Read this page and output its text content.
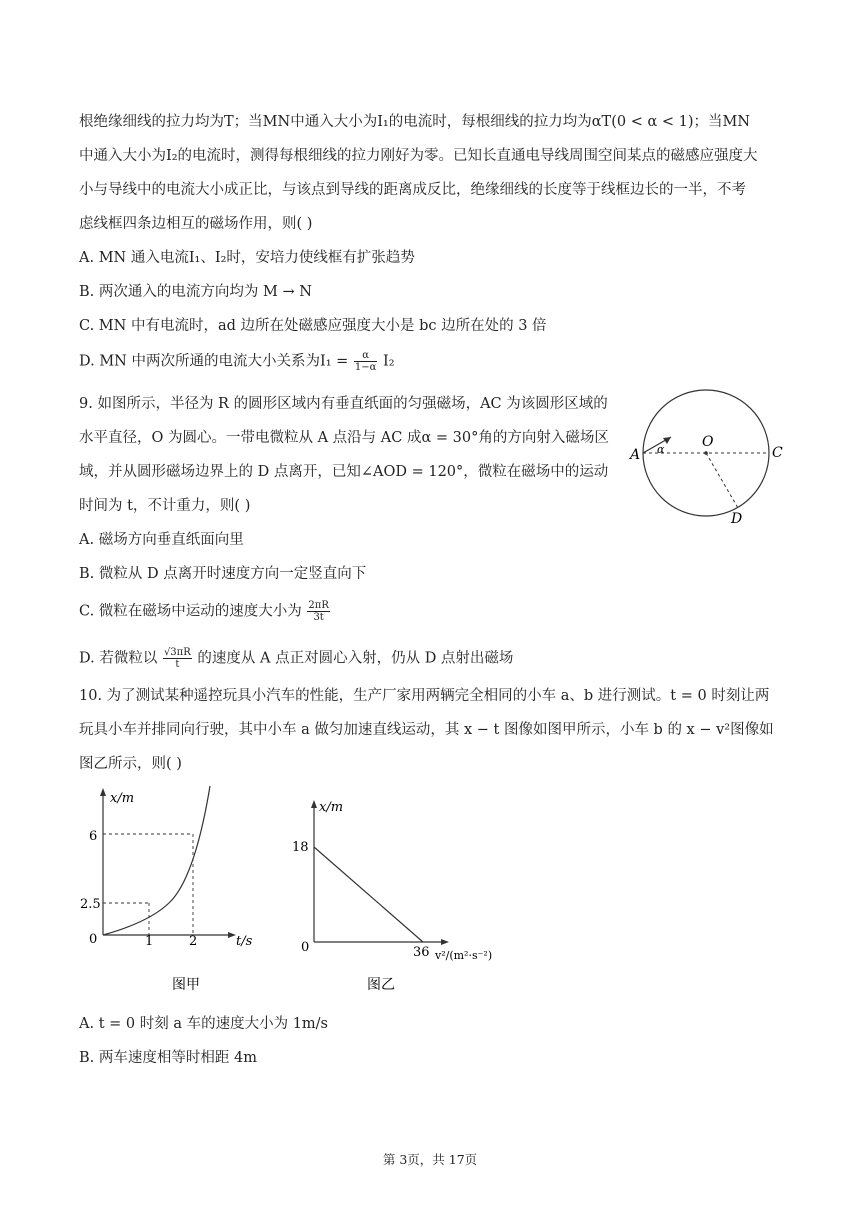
根绝缘细线的拉力均为T；当MN中通入大小为I₁的电流时，每根细线的拉力均为αT(0 < α < 1)；当MN
中通入大小为I₂的电流时，测得每根细线的拉力刚好为零。已知长直通电导线周围空间某点的磁感应强度大
小与导线中的电流大小成正比，与该点到导线的距离成反比，绝缘细线的长度等于线框边长的一半，不考
虑线框四条边相互的磁场作用，则( )
A. MN 通入电流I₁、I₂时，安培力使线框有扩张趋势
B. 两次通入的电流方向均为 M → N
C. MN 中有电流时，ad 边所在处磁感应强度大小是 bc 边所在处的 3 倍
D. MN 中两次所通的电流大小关系为$I_1 = \frac{\alpha}{1-\alpha} I_2$
9. 如图所示，半径为 R 的圆形区域内有垂直纸面的匀强磁场，AC 为该圆形区域的
水平直径，O 为圆心。一带电微粒从 A 点沿与 AC 成α = 30°角的方向射入磁场区
域，并从圆形磁场边界上的 D 点离开，已知∠AOD = 120°，微粒在磁场中的运动
时间为 t，不计重力，则( )
A. 磁场方向垂直纸面向里
B. 微粒从 D 点离开时速度方向一定竖直向下
C. 微粒在磁场中运动的速度大小为 $\frac{2\pi R}{3t}$
D. 若微粒以 $\frac{√3\pi R}{t}$ 的速度从 A 点正对圆心入射，仍从 D 点射出磁场
A
O
C
D
α
10. 为了测试某种遥控玩具小汽车的性能，生产厂家用两辆完全相同的小车 a、b 进行测试。t = 0 时刻让两
玩具小车并排同向行驶，其中小车 a 做匀加速直线运动，其 x − t 图像如图甲所示，小车 b 的 x − v²图像如
图乙所示，则( )
x/m
6
2.5
0	1	2	t/s
图甲
x/m
18
0	36 v²/(m²·s⁻²)
图乙
A. t = 0 时刻 a 车的速度大小为 1m/s
B. 两车速度相等时相距 4m
第 3页，共 17页
